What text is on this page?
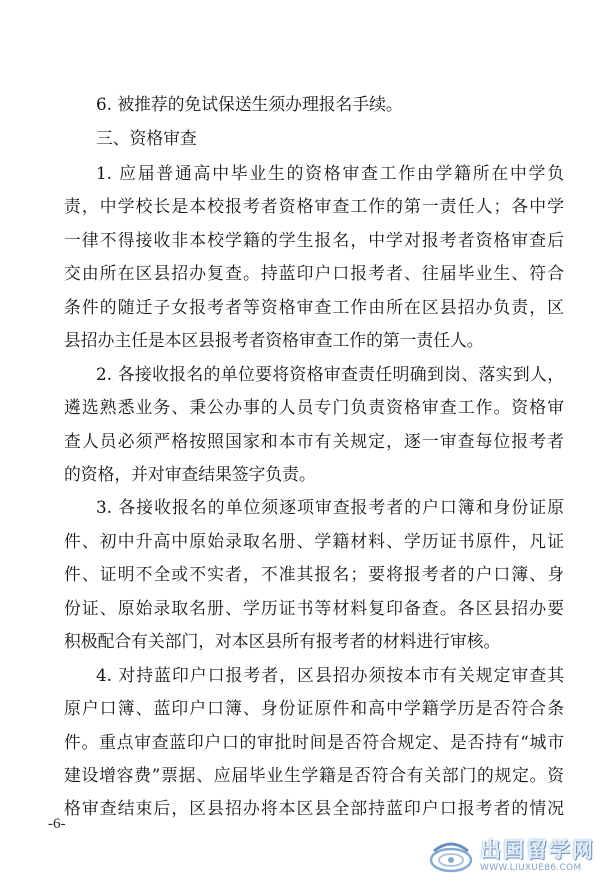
6. 被推荐的免试保送生须办理报名手续。

三、资格审查

1. 应届普通高中毕业生的资格审查工作由学籍所在中学负

责，中学校长是本校报考者资格审查工作的第一责任人；各中学

一律不得接收非本校学籍的学生报名，中学对报考者资格审查后

交由所在区县招办复查。持蓝印户口报考者、往届毕业生、符合

条件的随迁子女报考者等资格审查工作由所在区县招办负责，区

县招办主任是本区县报考者资格审查工作的第一责任人。

2. 各接收报名的单位要将资格审查责任明确到岗、落实到人，

遴选熟悉业务、秉公办事的人员专门负责资格审查工作。资格审

查人员必须严格按照国家和本市有关规定，逐一审查每位报考者

的资格，并对审查结果签字负责。

3. 各接收报名的单位须逐项审查报考者的户口簿和身份证原

件、初中升高中原始录取名册、学籍材料、学历证书原件，凡证

件、证明不全或不实者，不准其报名；要将报考者的户口簿、身

份证、原始录取名册、学历证书等材料复印备查。各区县招办要

积极配合有关部门，对本区县所有报考者的材料进行审核。

4. 对持蓝印户口报考者，区县招办须按本市有关规定审查其

原户口簿、蓝印户口簿、身份证原件和高中学籍学历是否符合条

件。重点审查蓝印户口的审批时间是否符合规定、是否持有“城市

建设增容费”票据、应届毕业生学籍是否符合有关部门的规定。资

格审查结束后，区县招办将本区县全部持蓝印户口报考者的情况

-6-
出国留学网
WWW.LIUXUE86.COM
